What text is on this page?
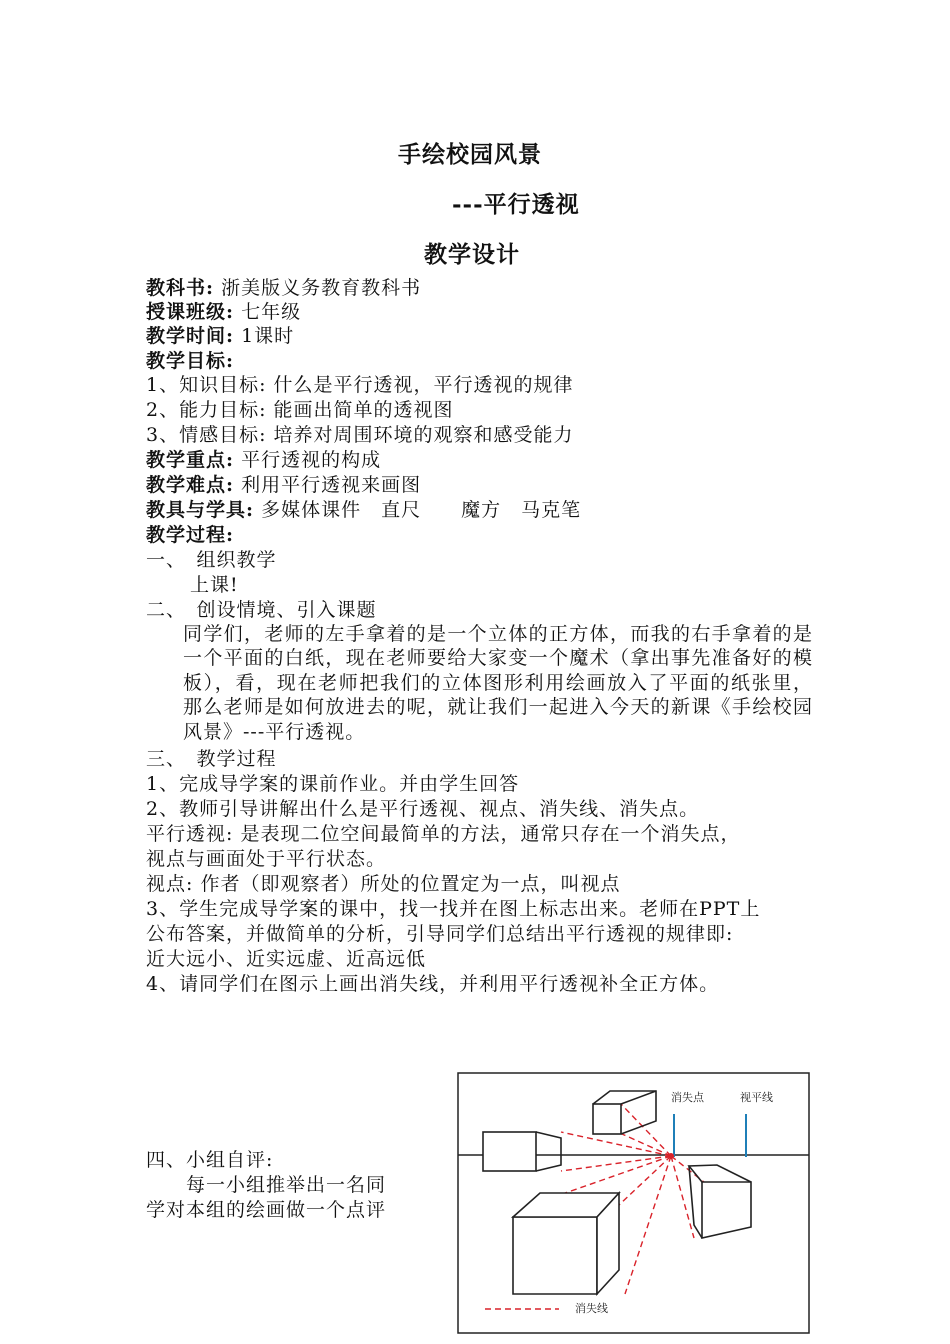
手绘校园风景
---平行透视
教学设计
教科书: 浙美版义务教育教科书
授课班级: 七年级
教学时间: 1课时
教学目标:
1、知识目标: 什么是平行透视，平行透视的规律
2、能力目标: 能画出简单的透视图
3、情感目标: 培养对周围环境的观察和感受能力
教学重点: 平行透视的构成
教学难点: 利用平行透视来画图
教具与学具: 多媒体课件　直尺　　魔方　马克笔
教学过程:
一、　组织教学
上课!
二、　创设情境、引入课题
同学们，老师的左手拿着的是一个立体的正方体，而我的右手拿着的是一个平面的白纸，现在老师要给大家变一个魔术（拿出事先准备好的模板），看，现在老师把我们的立体图形利用绘画放入了平面的纸张里，那么老师是如何放进去的呢，就让我们一起进入今天的新课《手绘校园风景》---平行透视。
三、　教学过程
1、完成导学案的课前作业。并由学生回答
2、教师引导讲解出什么是平行透视、视点、消失线、消失点。
平行透视: 是表现二位空间最简单的方法，通常只存在一个消失点，
视点与画面处于平行状态。
视点: 作者（即观察者）所处的位置定为一点，叫视点
3、学生完成导学案的课中，找一找并在图上标志出来。老师在PPT上
公布答案，并做简单的分析，引导同学们总结出平行透视的规律即:
近大远小、近实远虚、近高远低
4、请同学们在图示上画出消失线，并利用平行透视补全正方体。
四、小组自评:
每一小组推举出一名同
学对本组的绘画做一个点评
消失点	视平线
消失线
